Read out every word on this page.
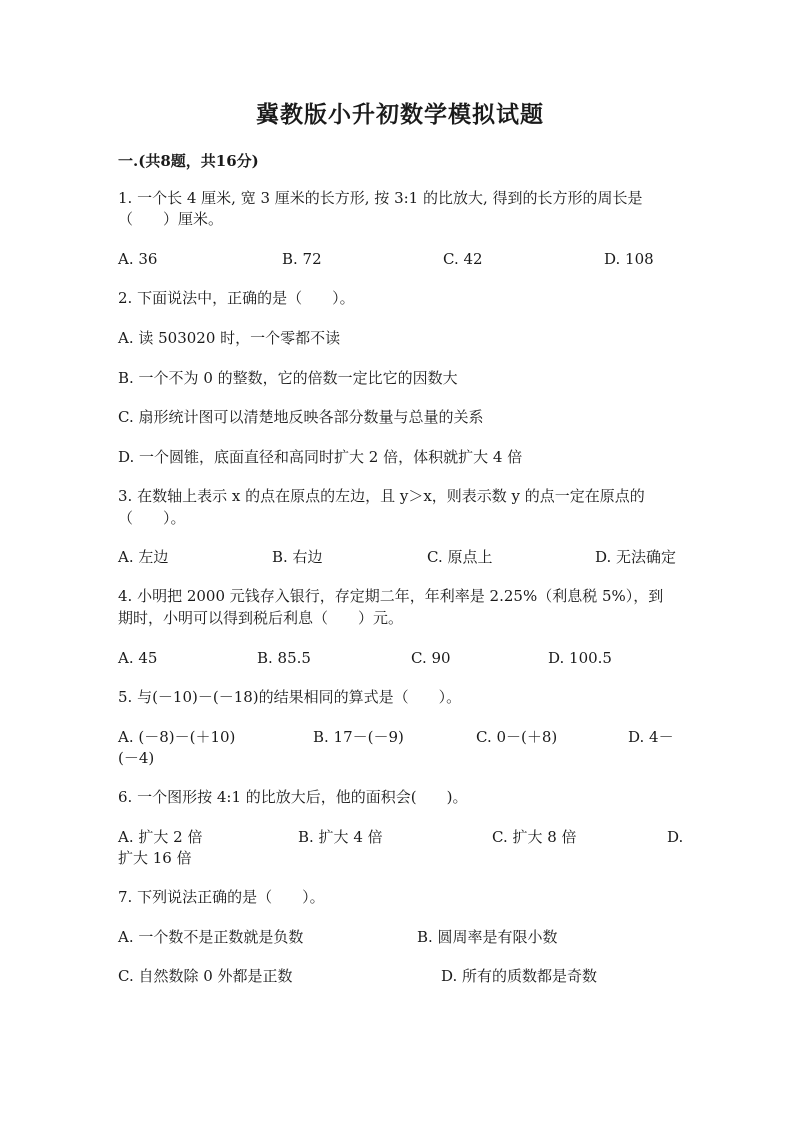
冀教版小升初数学模拟试题
一.(共8题，共16分)
1. 一个长 4 厘米, 宽 3 厘米的长方形, 按 3:1 的比放大, 得到的长方形的周长是
（　　）厘米。
A. 36	B. 72	C. 42	D. 108
2. 下面说法中，正确的是（　　）。
A. 读 503020 时，一个零都不读
B. 一个不为 0 的整数，它的倍数一定比它的因数大
C. 扇形统计图可以清楚地反映各部分数量与总量的关系
D. 一个圆锥，底面直径和高同时扩大 2 倍，体积就扩大 4 倍
3. 在数轴上表示 x 的点在原点的左边，且 y＞x，则表示数 y 的点一定在原点的
（　　）。
A. 左边	B. 右边	C. 原点上	D. 无法确定
4. 小明把 2000 元钱存入银行，存定期二年，年利率是 2.25%（利息税 5%），到
期时，小明可以得到税后利息（　　）元。
A. 45	B. 85.5	C. 90	D. 100.5
5. 与(－10)－(－18)的结果相同的算式是（　　）。
A. (－8)－(＋10)	B. 17－(－9)	C. 0－(＋8)	D. 4－
(－4)
6. 一个图形按 4:1 的比放大后，他的面积会(　　)。
A. 扩大 2 倍	B. 扩大 4 倍	C. 扩大 8 倍	D.
扩大 16 倍
7. 下列说法正确的是（　　）。
A. 一个数不是正数就是负数	B. 圆周率是有限小数
C. 自然数除 0 外都是正数	D. 所有的质数都是奇数
